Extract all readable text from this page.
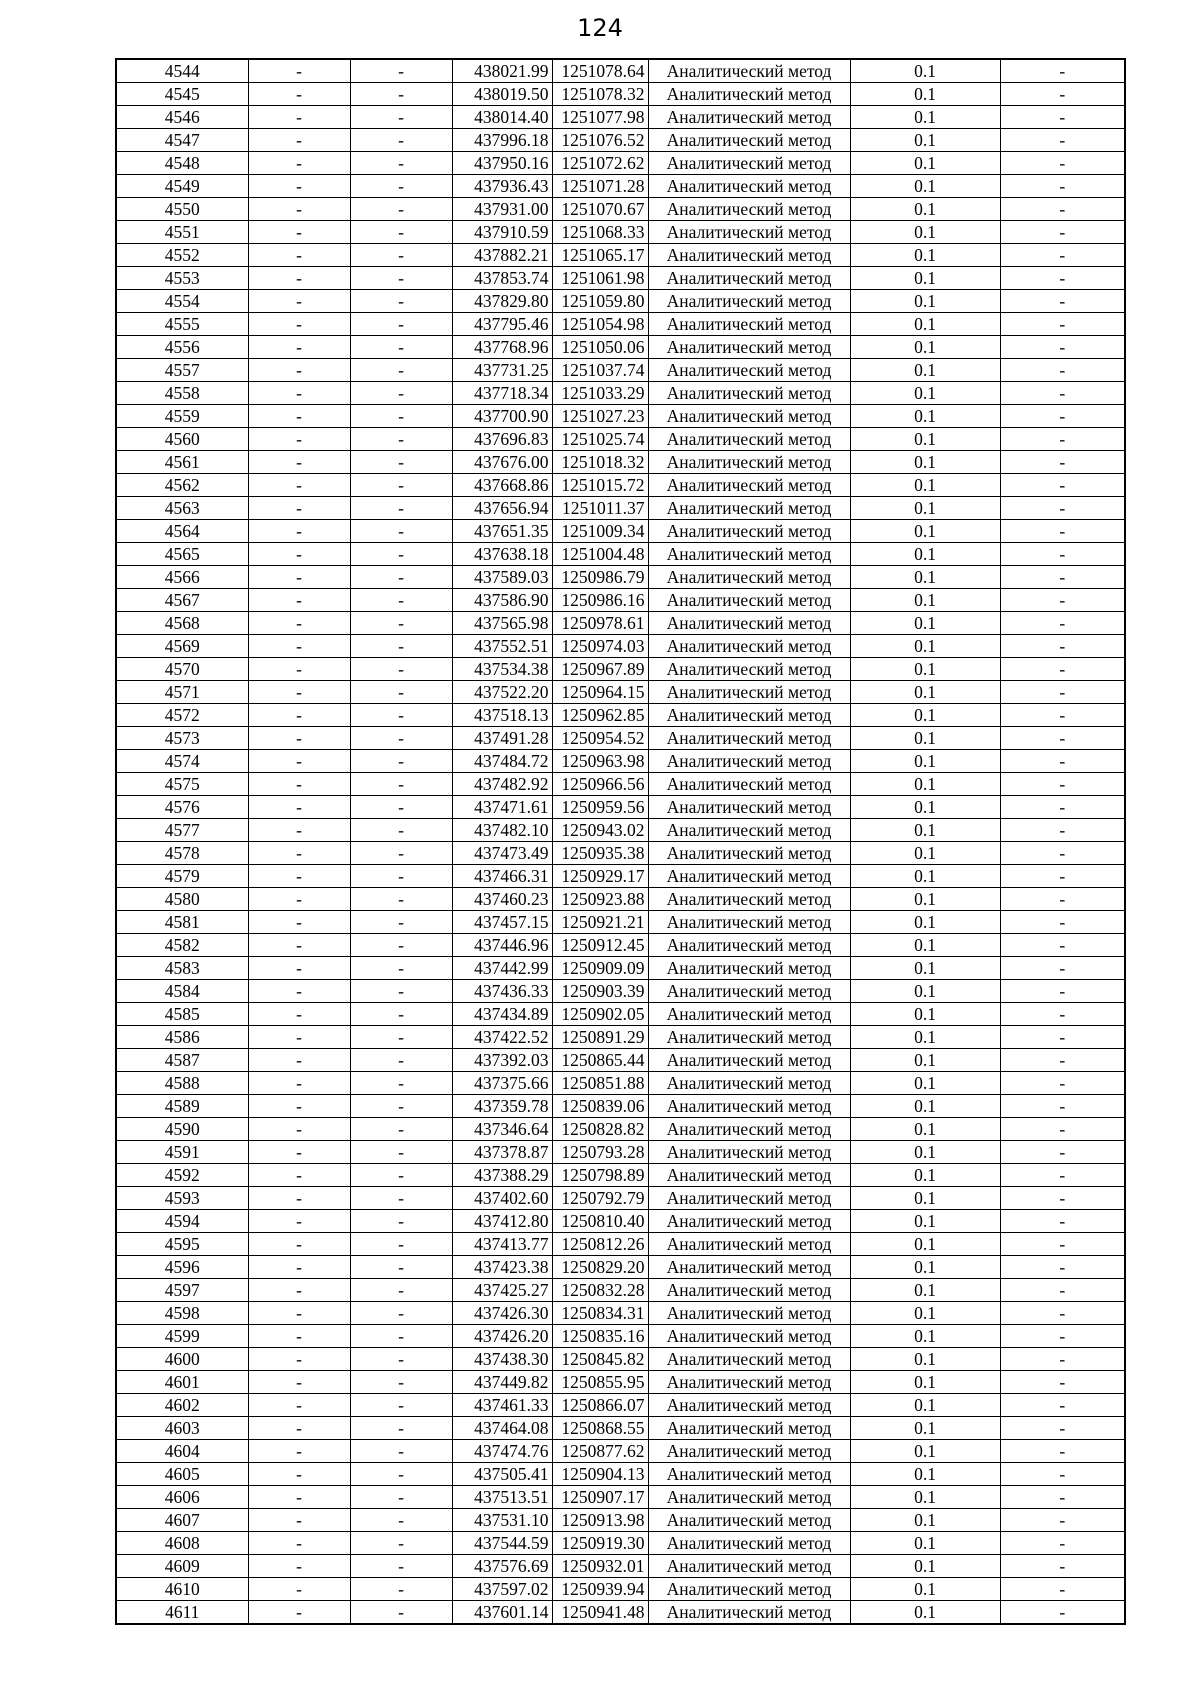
124
4544	-	-	438021.99	1251078.64	Аналитический метод	0.1	-
4545	-	-	438019.50	1251078.32	Аналитический метод	0.1	-
4546	-	-	438014.40	1251077.98	Аналитический метод	0.1	-
4547	-	-	437996.18	1251076.52	Аналитический метод	0.1	-
4548	-	-	437950.16	1251072.62	Аналитический метод	0.1	-
4549	-	-	437936.43	1251071.28	Аналитический метод	0.1	-
4550	-	-	437931.00	1251070.67	Аналитический метод	0.1	-
4551	-	-	437910.59	1251068.33	Аналитический метод	0.1	-
4552	-	-	437882.21	1251065.17	Аналитический метод	0.1	-
4553	-	-	437853.74	1251061.98	Аналитический метод	0.1	-
4554	-	-	437829.80	1251059.80	Аналитический метод	0.1	-
4555	-	-	437795.46	1251054.98	Аналитический метод	0.1	-
4556	-	-	437768.96	1251050.06	Аналитический метод	0.1	-
4557	-	-	437731.25	1251037.74	Аналитический метод	0.1	-
4558	-	-	437718.34	1251033.29	Аналитический метод	0.1	-
4559	-	-	437700.90	1251027.23	Аналитический метод	0.1	-
4560	-	-	437696.83	1251025.74	Аналитический метод	0.1	-
4561	-	-	437676.00	1251018.32	Аналитический метод	0.1	-
4562	-	-	437668.86	1251015.72	Аналитический метод	0.1	-
4563	-	-	437656.94	1251011.37	Аналитический метод	0.1	-
4564	-	-	437651.35	1251009.34	Аналитический метод	0.1	-
4565	-	-	437638.18	1251004.48	Аналитический метод	0.1	-
4566	-	-	437589.03	1250986.79	Аналитический метод	0.1	-
4567	-	-	437586.90	1250986.16	Аналитический метод	0.1	-
4568	-	-	437565.98	1250978.61	Аналитический метод	0.1	-
4569	-	-	437552.51	1250974.03	Аналитический метод	0.1	-
4570	-	-	437534.38	1250967.89	Аналитический метод	0.1	-
4571	-	-	437522.20	1250964.15	Аналитический метод	0.1	-
4572	-	-	437518.13	1250962.85	Аналитический метод	0.1	-
4573	-	-	437491.28	1250954.52	Аналитический метод	0.1	-
4574	-	-	437484.72	1250963.98	Аналитический метод	0.1	-
4575	-	-	437482.92	1250966.56	Аналитический метод	0.1	-
4576	-	-	437471.61	1250959.56	Аналитический метод	0.1	-
4577	-	-	437482.10	1250943.02	Аналитический метод	0.1	-
4578	-	-	437473.49	1250935.38	Аналитический метод	0.1	-
4579	-	-	437466.31	1250929.17	Аналитический метод	0.1	-
4580	-	-	437460.23	1250923.88	Аналитический метод	0.1	-
4581	-	-	437457.15	1250921.21	Аналитический метод	0.1	-
4582	-	-	437446.96	1250912.45	Аналитический метод	0.1	-
4583	-	-	437442.99	1250909.09	Аналитический метод	0.1	-
4584	-	-	437436.33	1250903.39	Аналитический метод	0.1	-
4585	-	-	437434.89	1250902.05	Аналитический метод	0.1	-
4586	-	-	437422.52	1250891.29	Аналитический метод	0.1	-
4587	-	-	437392.03	1250865.44	Аналитический метод	0.1	-
4588	-	-	437375.66	1250851.88	Аналитический метод	0.1	-
4589	-	-	437359.78	1250839.06	Аналитический метод	0.1	-
4590	-	-	437346.64	1250828.82	Аналитический метод	0.1	-
4591	-	-	437378.87	1250793.28	Аналитический метод	0.1	-
4592	-	-	437388.29	1250798.89	Аналитический метод	0.1	-
4593	-	-	437402.60	1250792.79	Аналитический метод	0.1	-
4594	-	-	437412.80	1250810.40	Аналитический метод	0.1	-
4595	-	-	437413.77	1250812.26	Аналитический метод	0.1	-
4596	-	-	437423.38	1250829.20	Аналитический метод	0.1	-
4597	-	-	437425.27	1250832.28	Аналитический метод	0.1	-
4598	-	-	437426.30	1250834.31	Аналитический метод	0.1	-
4599	-	-	437426.20	1250835.16	Аналитический метод	0.1	-
4600	-	-	437438.30	1250845.82	Аналитический метод	0.1	-
4601	-	-	437449.82	1250855.95	Аналитический метод	0.1	-
4602	-	-	437461.33	1250866.07	Аналитический метод	0.1	-
4603	-	-	437464.08	1250868.55	Аналитический метод	0.1	-
4604	-	-	437474.76	1250877.62	Аналитический метод	0.1	-
4605	-	-	437505.41	1250904.13	Аналитический метод	0.1	-
4606	-	-	437513.51	1250907.17	Аналитический метод	0.1	-
4607	-	-	437531.10	1250913.98	Аналитический метод	0.1	-
4608	-	-	437544.59	1250919.30	Аналитический метод	0.1	-
4609	-	-	437576.69	1250932.01	Аналитический метод	0.1	-
4610	-	-	437597.02	1250939.94	Аналитический метод	0.1	-
4611	-	-	437601.14	1250941.48	Аналитический метод	0.1	-
